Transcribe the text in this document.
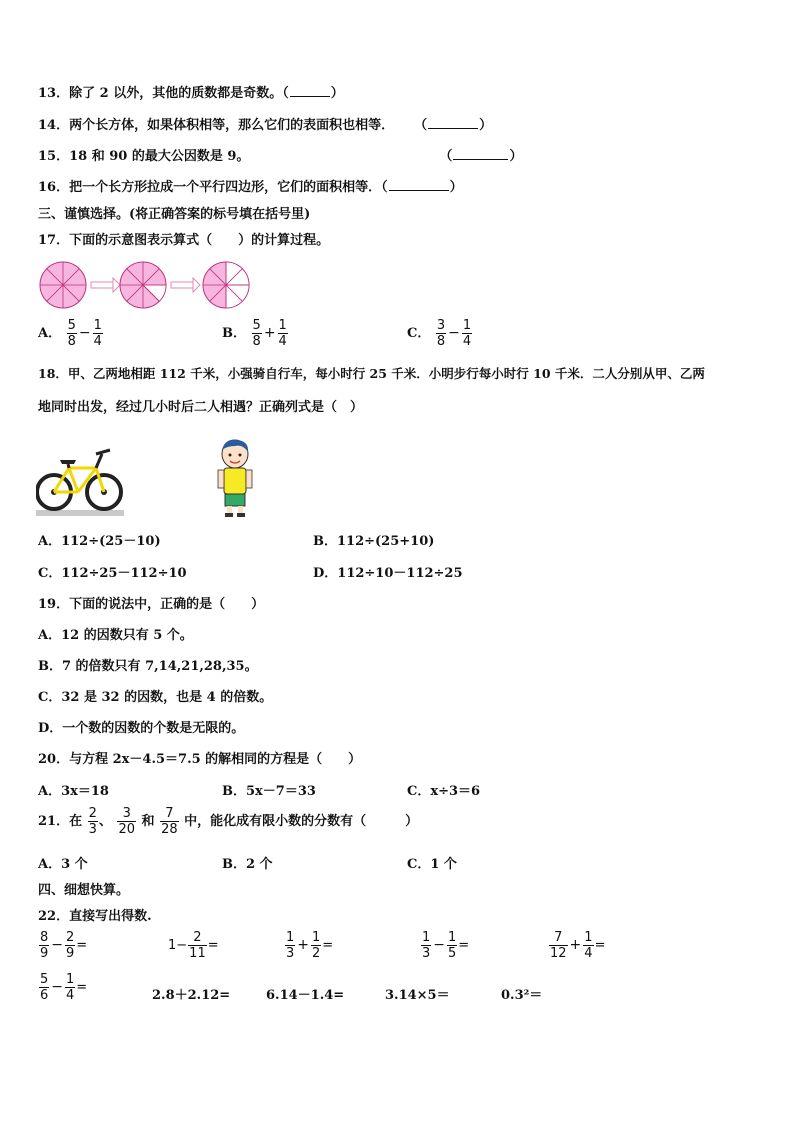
13．除了 2 以外，其他的质数都是奇数。（	）
14．两个长方体，如果体积相等，那么它们的表面积也相等． （	）
15．18 和 90 的最大公因数是 9。	（	）
16．把一个长方形拉成一个平行四边形，它们的面积相等．（	）
三、谨慎选择。(将正确答案的标号填在括号里)
17．下面的示意图表示算式（　　）的计算过程。
A． $\frac{5}{8} - \frac{1}{4}$	B． $\frac{5}{8} + \frac{1}{4}$	C． $\frac{3}{8} - \frac{1}{4}$
18．甲、乙两地相距 112 千米，小强骑自行车，每小时行 25 千米．小明步行每小时行 10 千米．二人分别从甲、乙两
地同时出发，经过几小时后二人相遇？正确列式是（　）
A．112÷(25－10)	B．112÷(25+10)
C．112÷25－112÷10	D．112÷10－112÷25
19．下面的说法中，正确的是（　　）
A．12 的因数只有 5 个。
B．7 的倍数只有 7,14,21,28,35。
C．32 是 32 的因数，也是 4 的倍数。
D．一个数的因数的个数是无限的。
20．与方程 2x－4.5＝7.5 的解相同的方程是（　　）
A．3x＝18	B．5x－7＝33	C．x÷3＝6
21．在 $\frac{2}{3}$ 、 $\frac{3}{20}$ 和 $\frac{7}{28}$ 中，能化成有限小数的分数有（　　　）
A．3 个	B．2 个	C．1 个
四、细想快算。
22．直接写出得数.
$\frac{8}{9} - \frac{2}{9}$ =	$1- \frac{2}{11}$ =	$\frac{1}{3} + \frac{1}{2}$ =	$\frac{1}{3} - \frac{1}{5}$ =	$\frac{7}{12} + \frac{1}{4}$ =
$\frac{5}{6} - \frac{1}{4}$ =
2.8＋2.12=	6.14－1.4=	3.14×5＝	0.3²＝
